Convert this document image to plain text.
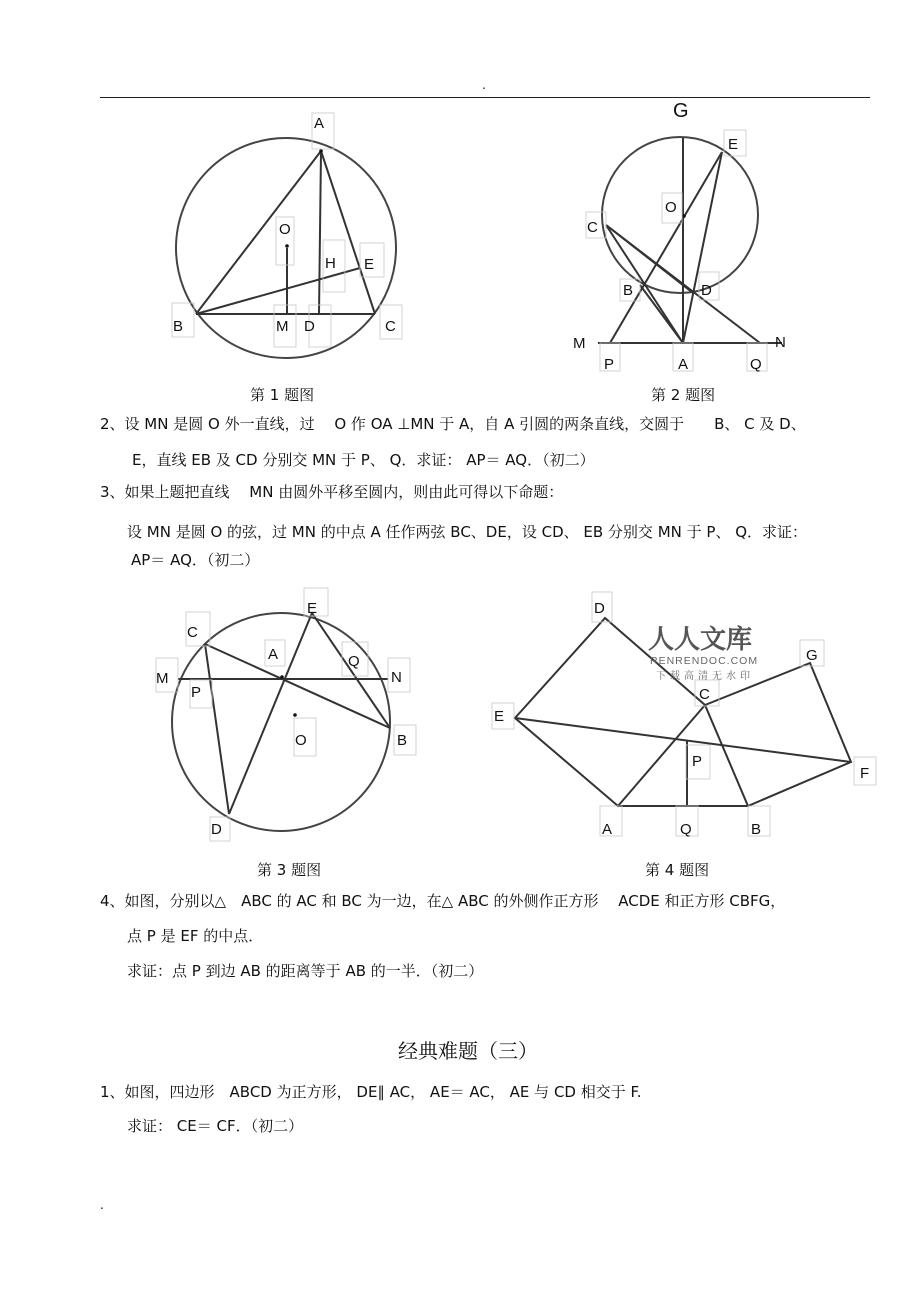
.
A
O
H E
B	M D	C
第 1 题图
G
E
O
C
B	D
M	N
P	A	Q
第 2 题图
2、设 MN 是圆 O 外一直线，过　 O 作 OA ⊥MN 于 A，自 A 引圆的两条直线，交圆于　　B、 C 及 D、
E，直线 EB 及 CD 分别交 MN 于 P、 Q．求证： AP＝ AQ．（初二）
3、如果上题把直线　 MN 由圆外平移至圆内，则由此可得以下命题：
设 MN 是圆 O 的弦，过 MN 的中点 A 任作两弦 BC、DE，设 CD、 EB 分别交 MN 于 P、 Q．求证：
AP＝ AQ．（初二）
E
C
A	Q
M	N
P
O	B
D
第 3 题图
D
G
C
E
P
F
A	Q	B
人人文库
RENRENDOC.COM
下载高清无水印
第 4 题图
4、如图，分别以△　ABC 的 AC 和 BC 为一边，在△ ABC 的外侧作正方形　 ACDE 和正方形 CBFG，
点 P 是 EF 的中点．
求证：点 P 到边 AB 的距离等于 AB 的一半．（初二）
经典难题（三）
1、如图，四边形　ABCD 为正方形， DE∥ AC， AE＝ AC， AE 与 CD 相交于 F.
求证： CE＝ CF．（初二）
.
